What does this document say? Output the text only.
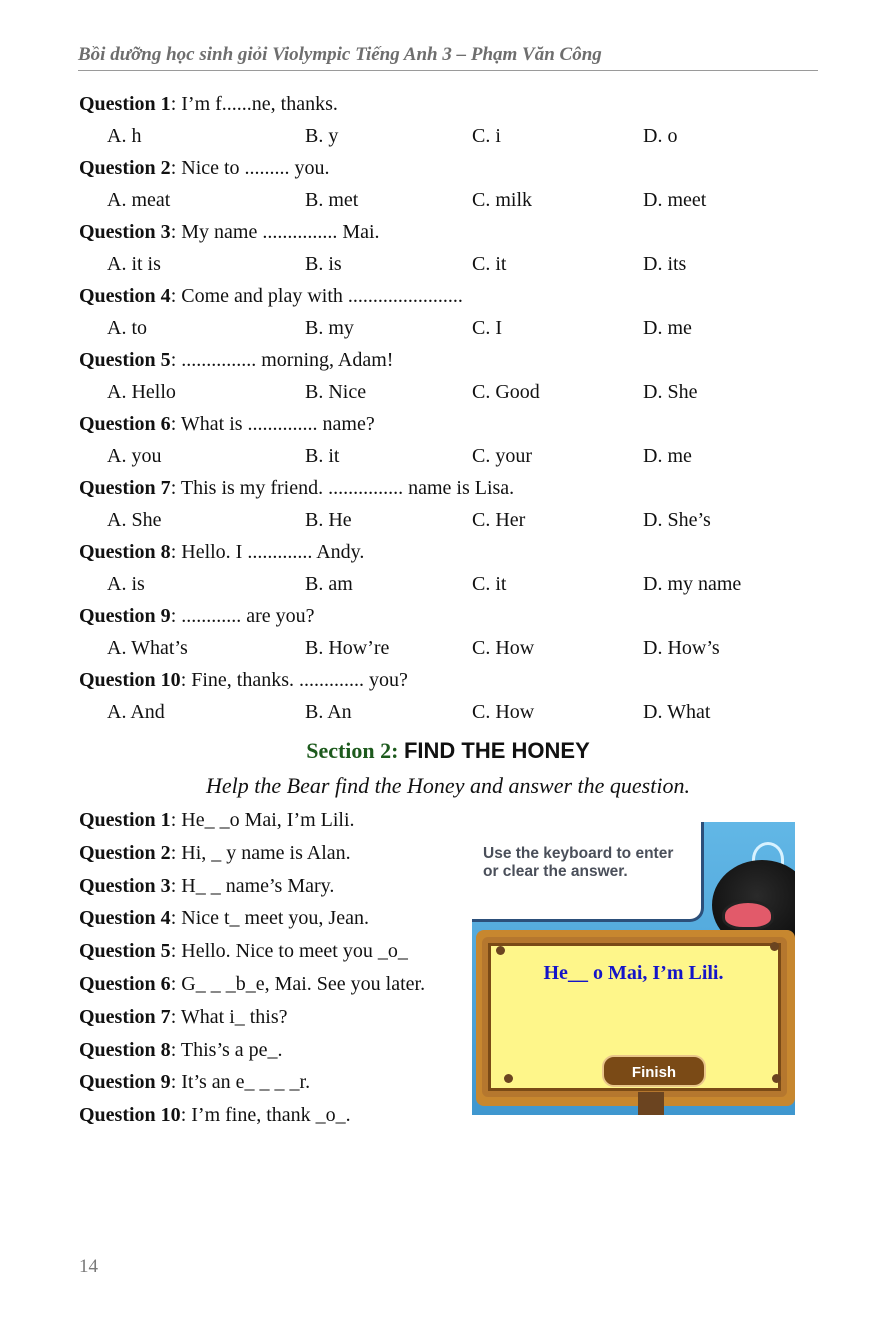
Bồi dưỡng học sinh giỏi Violympic Tiếng Anh 3 – Phạm Văn Công
Question 1: I’m f......ne, thanks.
A. h	B. y	C. i	D. o
Question 2: Nice to ......... you.
A. meat	B. met	C. milk	D. meet
Question 3: My name ............... Mai.
A. it is	B. is	C. it	D. its
Question 4: Come and play with .......................
A. to	B. my	C. I	D. me
Question 5: ............... morning, Adam!
A. Hello	B. Nice	C. Good	D. She
Question 6: What is .............. name?
A. you	B. it	C. your	D. me
Question 7: This is my friend. ............... name is Lisa.
A. She	B. He	C. Her	D. She’s
Question 8: Hello. I ............. Andy.
A. is	B. am	C. it	D. my name
Question 9: ............ are you?
A. What’s	B. How’re	C. How	D. How’s
Question 10: Fine, thanks. ............. you?
A. And	B. An	C. How	D. What
Section 2: FIND THE HONEY
Help the Bear find the Honey and answer the question.
Question 1: He_ _o Mai, I’m Lili.
Question 2: Hi, _ y name is Alan.
Question 3: H_ _ name’s Mary.
Question 4: Nice t_ meet you, Jean.
Question 5: Hello. Nice to meet you _o_
Question 6: G_ _ _b_e, Mai. See you later.
Question 7: What i_ this?
Question 8: This’s a pe_.
Question 9: It’s an e_ _ _ _r.
Question 10: I’m fine, thank _o_.
Use the keyboard to enter or clear the answer.
He__ o Mai, I’m Lili.
Finish
14
